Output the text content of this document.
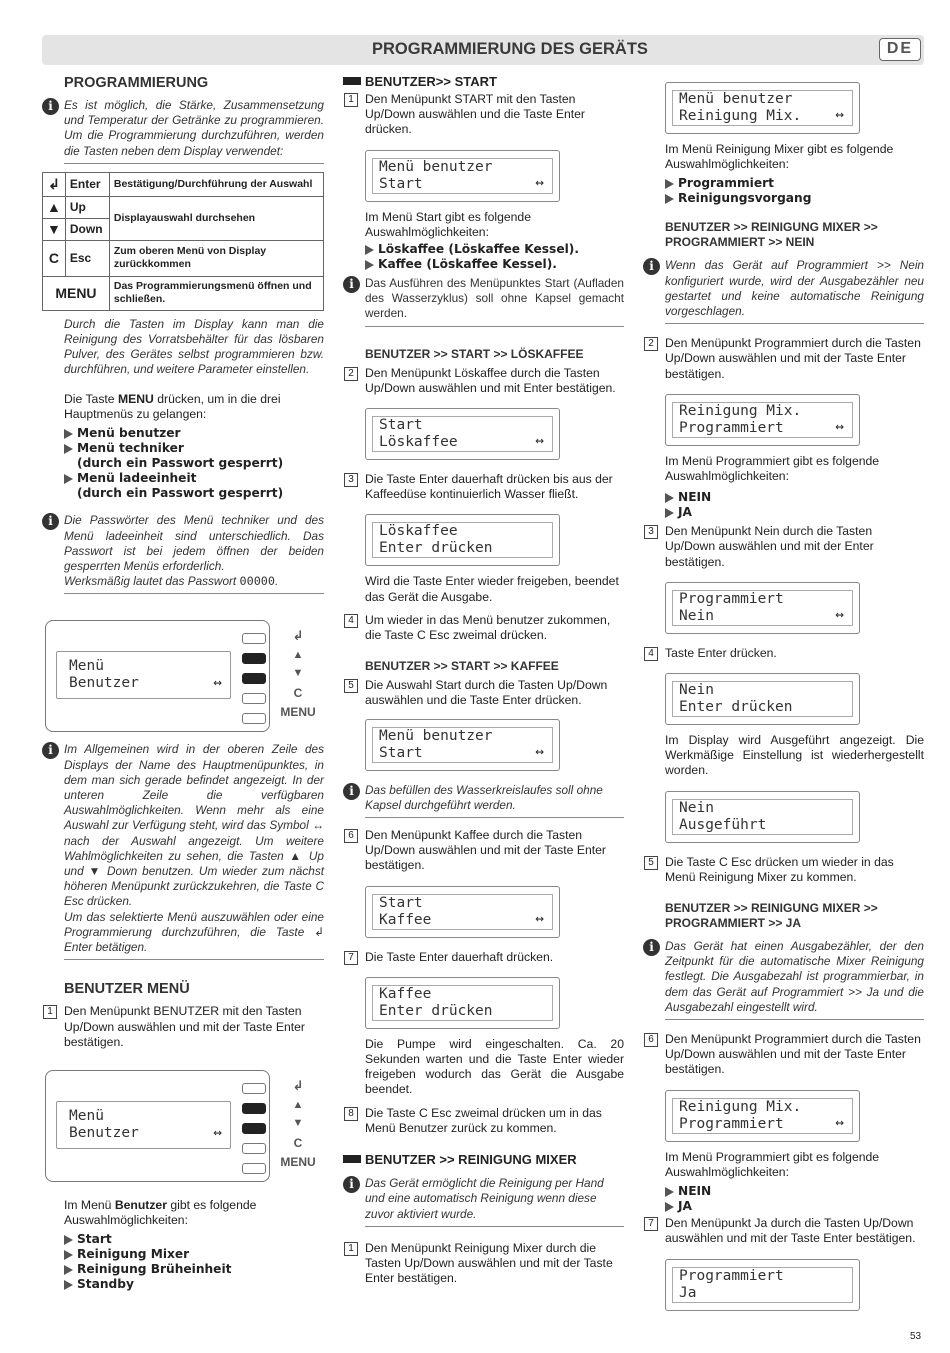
PROGRAMMIERUNG DES GERÄTS	DE
PROGRAMMIERUNG
i Es ist möglich, die Stärke, Zusammensetzung und Temperatur der Getränke zu programmieren. Um die Programmierung durchzuführen, werden die Tasten neben dem Display verwendet:
↲	Enter	Bestätigung/Durchführung der Auswahl
▲	Up	Displayauswahl durchsehen
▼	Down	
C	Esc	Zum oberen Menü von Display zurückkommen
MENU		Das Programmierungsmenü öffnen und schließen.
Durch die Tasten im Display kann man die Reinigung des Vorratsbehälter für das lösbaren Pulver, des Gerätes selbst programmieren bzw. durchführen, und weitere Parameter einstellen.
Die Taste MENU drücken, um in die drei Hauptmenüs zu gelangen:
Menü benutzer
Menü techniker
(durch ein Passwort gesperrt)
Menü ladeeinheit
(durch ein Passwort gesperrt)
i Die Passwörter des Menü techniker und des Menü ladeeinheit sind unterschiedlich. Das Passwort ist bei jedem öffnen der beiden gesperrten Menüs erforderlich.
Werksmäßig lautet das Passwort 00000.
Menü
Benutzer	↔
↲
▲
▼
C
MENU
i Im Allgemeinen wird in der oberen Zeile des Displays der Name des Hauptmenüpunktes, in dem man sich gerade befindet angezeigt. In der unteren Zeile die verfügbaren Auswahlmöglichkeiten. Wenn mehr als eine Auswahl zur Verfügung steht, wird das Symbol ↔ nach der Auswahl angezeigt. Um weitere Wahlmöglichkeiten zu sehen, die Tasten ▲ Up und ▼ Down benutzen. Um wieder zum nächst höheren Menüpunkt zurückzukehren, die Taste C Esc drücken.
Um das selektierte Menü auszuwählen oder eine Programmierung durchzuführen, die Taste ↲ Enter betätigen.
BENUTZER MENÜ
1 Den Menüpunkt BENUTZER mit den Tasten Up/Down auswählen und mit der Taste Enter bestätigen.
Menü
Benutzer	↔
↲
▲
▼
C
MENU
Im Menü Benutzer gibt es folgende Auswahlmöglichkeiten:
Start
Reinigung Mixer
Reinigung Brüheinheit
Standby
BENUTZER>> START
1 Den Menüpunkt START mit den Tasten Up/Down auswählen und die Taste Enter drücken.
Menü benutzer
Start	↔
Im Menü Start gibt es folgende Auswahlmöglichkeiten:
Löskaffee (Löskaffee Kessel).
Kaffee (Löskaffee Kessel).
i Das Ausführen des Menüpunktes Start (Aufladen des Wasserzyklus) soll ohne Kapsel gemacht werden.
BENUTZER >> START >> LÖSKAFFEE
2 Den Menüpunkt Löskaffee durch die Tasten Up/Down auswählen und mit Enter bestätigen.
Start
Löskaffee	↔
3 Die Taste Enter dauerhaft drücken bis aus der Kaffeedüse kontinuierlich Wasser fließt.
Löskaffee
Enter drücken
Wird die Taste Enter wieder freigeben, beendet das Gerät die Ausgabe.
4 Um wieder in das Menü benutzer zukommen, die Taste C Esc zweimal drücken.
BENUTZER >> START >> KAFFEE
5 Die Auswahl Start durch die Tasten Up/Down auswählen und die Taste Enter drücken.
Menü benutzer
Start	↔
i Das befüllen des Wasserkreislaufes soll ohne Kapsel durchgeführt werden.
6 Den Menüpunkt Kaffee durch die Tasten Up/Down auswählen und mit der Taste Enter bestätigen.
Start
Kaffee	↔
7 Die Taste Enter dauerhaft drücken.
Kaffee
Enter drücken
Die Pumpe wird eingeschalten. Ca. 20 Sekunden warten und die Taste Enter wieder freigeben wodurch das Gerät die Ausgabe beendet.
8 Die Taste C Esc zweimal drücken um in das Menü Benutzer zurück zu kommen.
BENUTZER >> REINIGUNG MIXER
i Das Gerät ermöglicht die Reinigung per Hand und eine automatisch Reinigung wenn diese zuvor aktiviert wurde.
1 Den Menüpunkt Reinigung Mixer durch die Tasten Up/Down auswählen und mit der Taste Enter bestätigen.
Menü benutzer
Reinigung Mix.	↔
Im Menü Reinigung Mixer gibt es folgende Auswahlmöglichkeiten:
Programmiert
Reinigungsvorgang
BENUTZER >> REINIGUNG MIXER >> PROGRAMMIERT >> NEIN
i Wenn das Gerät auf Programmiert >> Nein konfiguriert wurde, wird der Ausgabezähler neu gestartet und keine automatische Reinigung vorgeschlagen.
2 Den Menüpunkt Programmiert durch die Tasten Up/Down auswählen und mit der Taste Enter bestätigen.
Reinigung Mix.
Programmiert	↔
Im Menü Programmiert gibt es folgende Auswahlmöglichkeiten:
NEIN
JA
3 Den Menüpunkt Nein durch die Tasten Up/Down auswählen und mit der Enter bestätigen.
Programmiert
Nein	↔
4 Taste Enter drücken.
Nein
Enter drücken
Im Display wird Ausgeführt angezeigt. Die Werkmäßige Einstellung ist wiederhergestellt worden.
Nein
Ausgeführt
5 Die Taste C Esc drücken um wieder in das Menü Reinigung Mixer zu kommen.
BENUTZER >> REINIGUNG MIXER >> PROGRAMMIERT >> JA
i Das Gerät hat einen Ausgabezähler, der den Zeitpunkt für die automatische Mixer Reinigung festlegt. Die Ausgabezahl ist programmierbar, in dem das Gerät auf Programmiert >> Ja und die Ausgabezahl eingestellt wird.
6 Den Menüpunkt Programmiert durch die Tasten Up/Down auswählen und mit der Taste Enter bestätigen.
Reinigung Mix.
Programmiert	↔
Im Menü Programmiert gibt es folgende Auswahlmöglichkeiten:
NEIN
JA
7 Den Menüpunkt Ja durch die Tasten Up/Down auswählen und mit der Taste Enter bestätigen.
Programmiert
Ja
53
